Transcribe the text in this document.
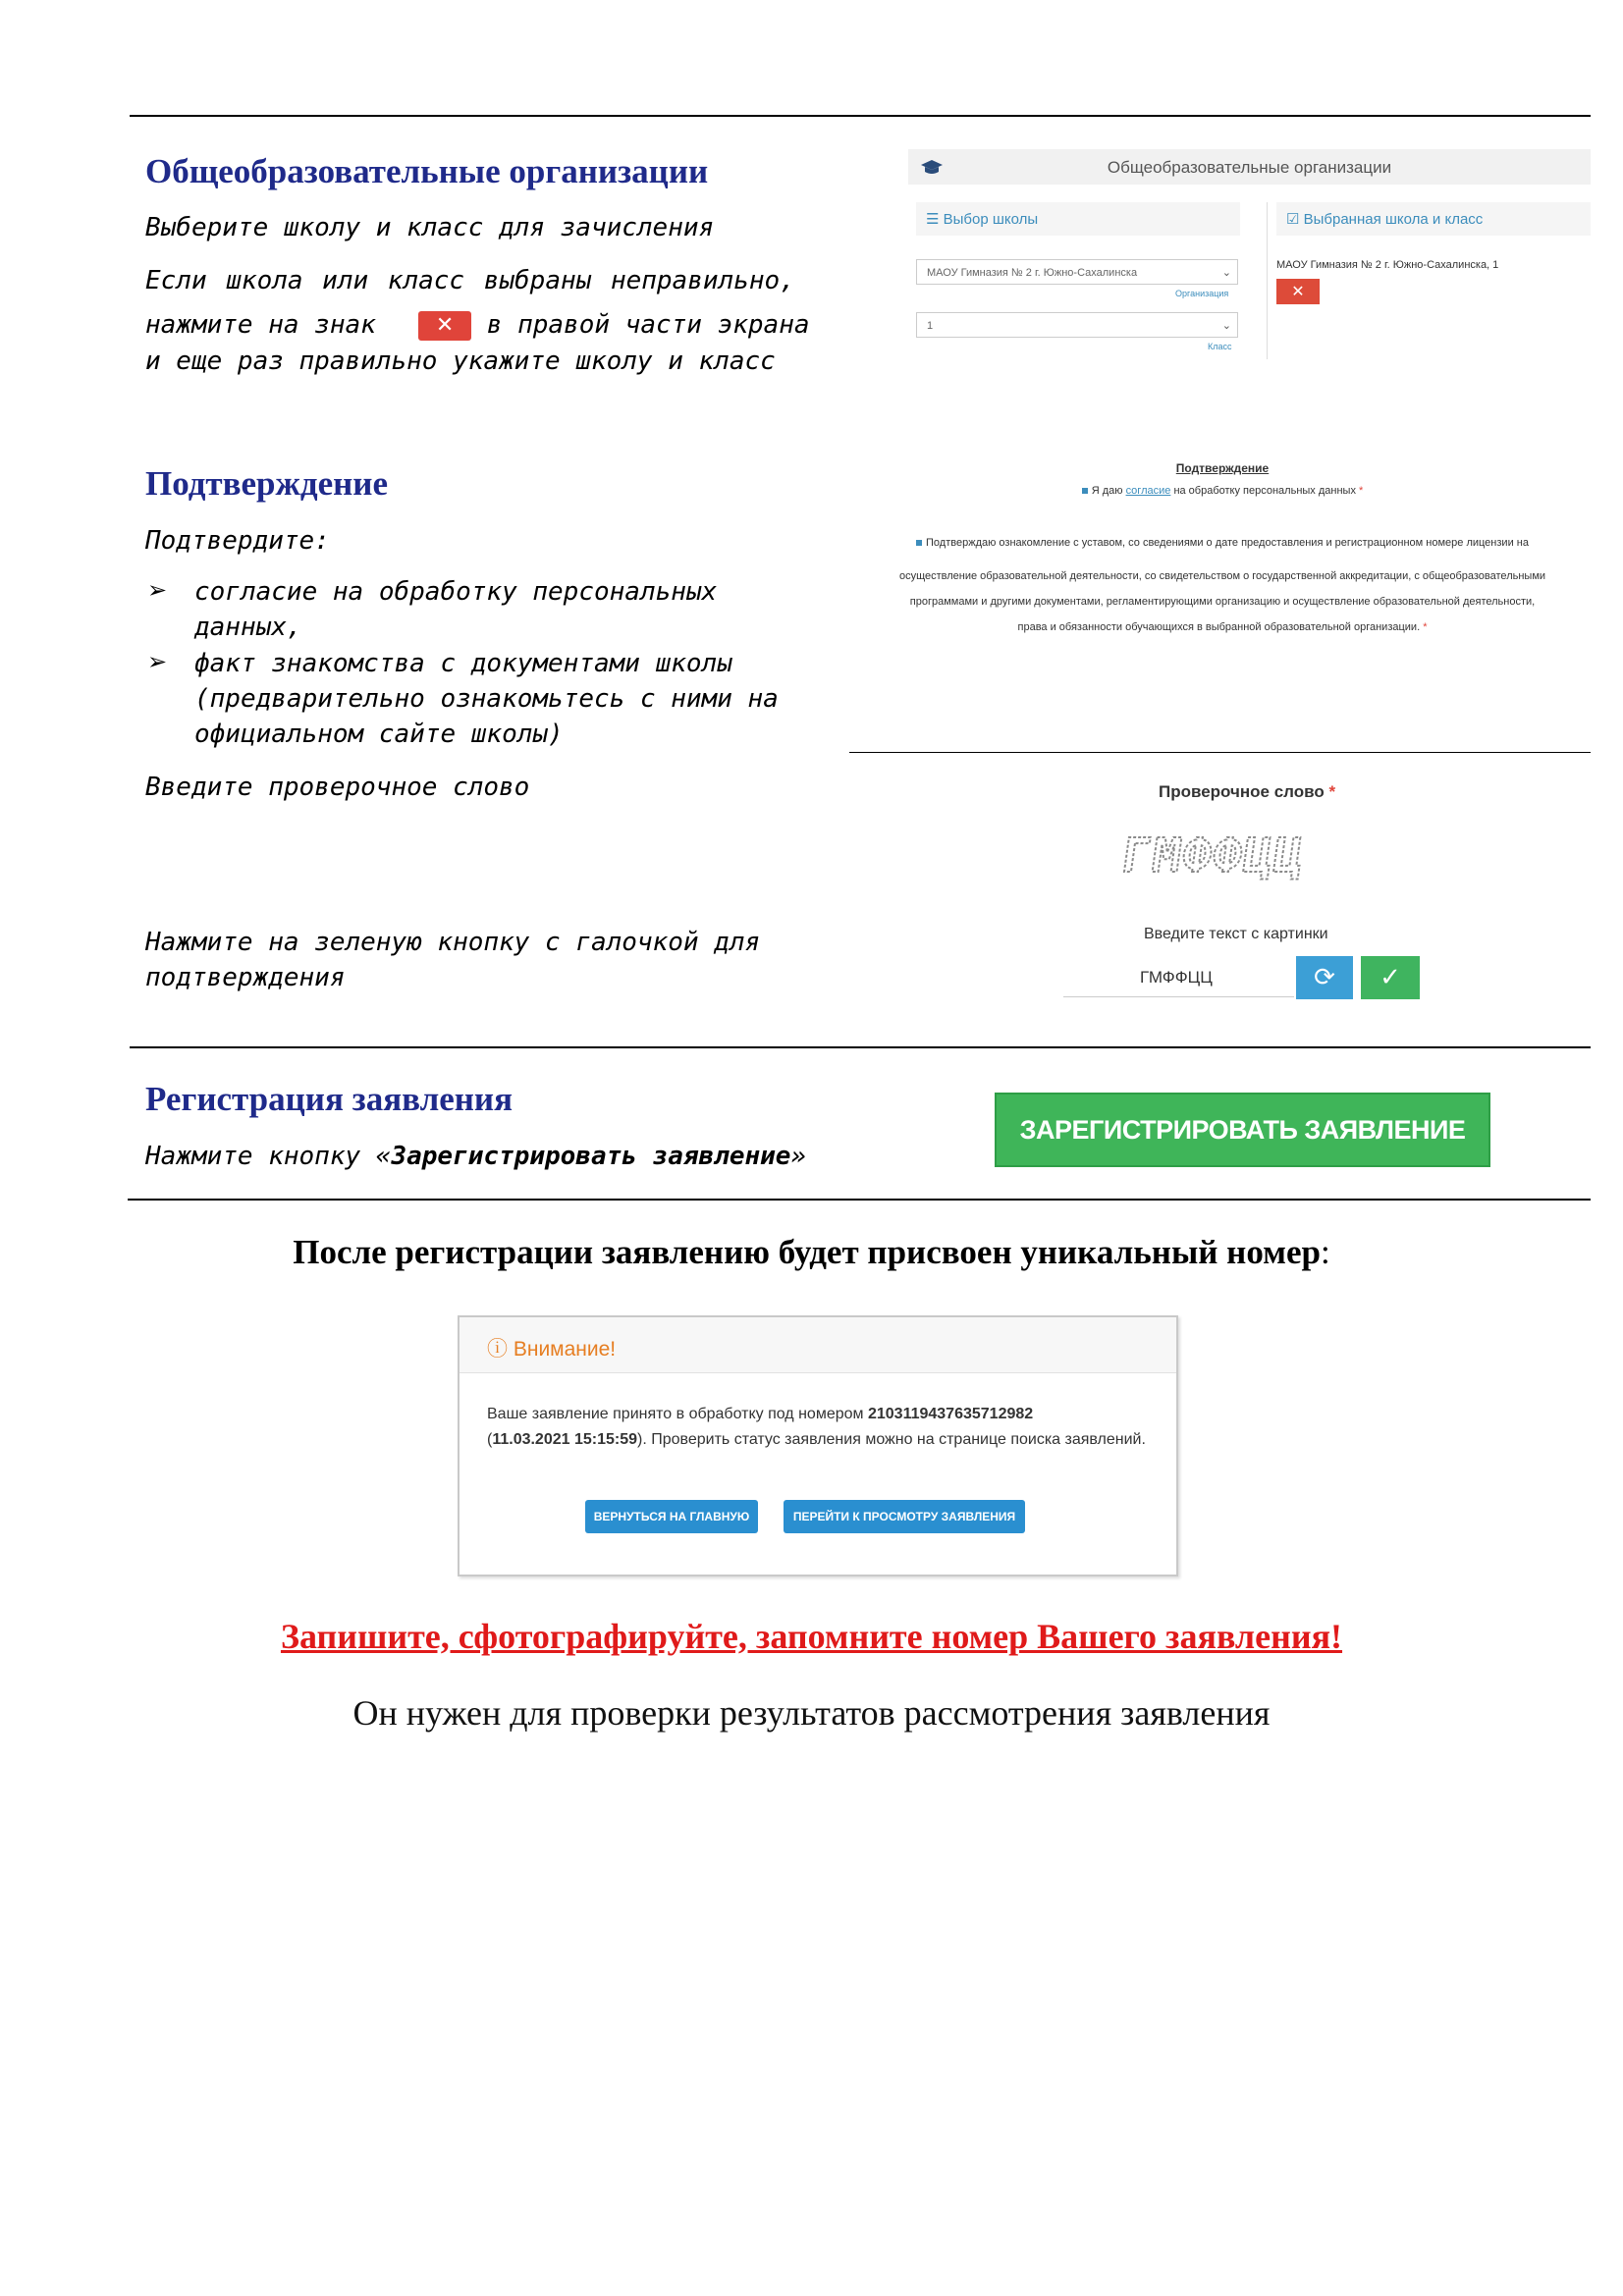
Общеобразовательные организации
Выберите школу и класс для зачисления
Если школа или класс выбраны неправильно,
нажмите на знак	✕ в правой части экрана
и еще раз правильно укажите школу и класс
Общеобразовательные организации
☰ Выбор школы	☑ Выбранная школа и класс
МАОУ Гимназия № 2 г. Южно-Сахалинска	⌄
Организация
1	⌄
Класс
МАОУ Гимназия № 2 г. Южно-Сахалинска, 1
✕
Подтверждение
Подтвердите:
➢ согласие на обработку персональных
данных,
➢ факт знакомства с документами школы
(предварительно ознакомьтесь с ними на
официальном сайте школы)
Введите проверочное слово
Нажмите на зеленую кнопку с галочкой для
подтверждения
Подтверждение
Я даю согласие на обработку персональных данных *
Подтверждаю ознакомление с уставом, со сведениями о дате предоставления и регистрационном номере лицензии на
осуществление образовательной деятельности, со свидетельством о государственной аккредитации, с общеобразовательными
программами и другими документами, регламентирующими организацию и осуществление образовательной деятельности,
права и обязанности обучающихся в выбранной образовательной организации. *
Проверочное слово *
ГМФФЦЦ
Введите текст с картинки
ГМФФЦЦ
⟳	✓
Регистрация заявления
Нажмите кнопку «Зарегистрировать заявление»
ЗАРЕГИСТРИРОВАТЬ ЗАЯВЛЕНИЕ
После регистрации заявлению будет присвоен уникальный номер:
ⓘ Внимание!
Ваше заявление принято в обработку под номером 2103119437635712982
(11.03.2021 15:15:59). Проверить статус заявления можно на странице поиска заявлений.
ВЕРНУТЬСЯ НА ГЛАВНУЮ	ПЕРЕЙТИ К ПРОСМОТРУ ЗАЯВЛЕНИЯ
Запишите, сфотографируйте, запомните номер Вашего заявления!
Он нужен для проверки результатов рассмотрения заявления
